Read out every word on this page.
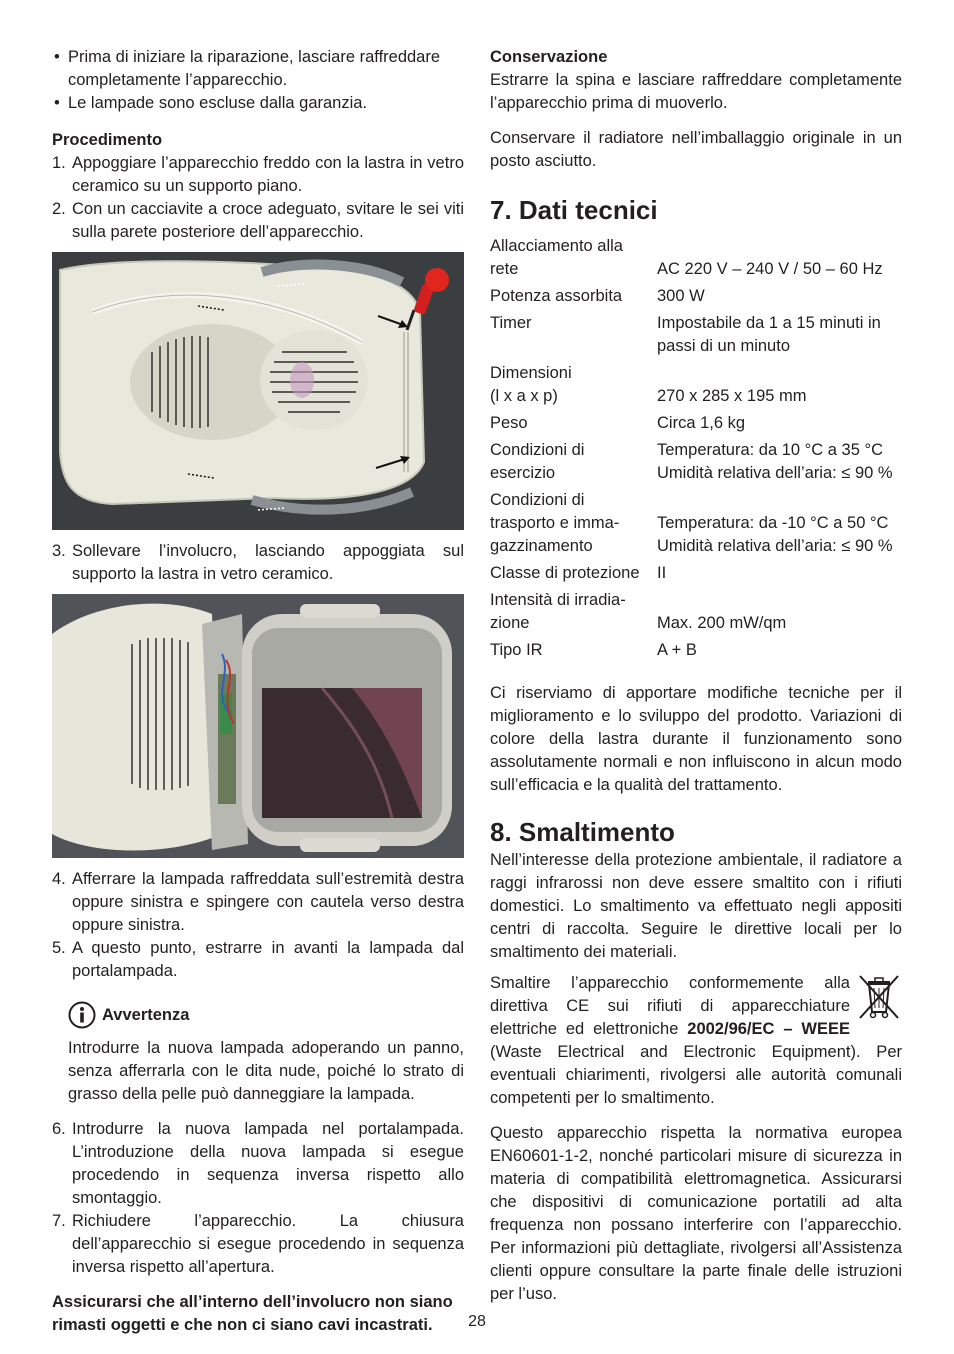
• Prima di iniziare la riparazione, lasciare raffreddare completamente l’apparecchio.
• Le lampade sono escluse dalla garanzia.
Procedimento
1. Appoggiare l’apparecchio freddo con la lastra in vetro ceramico su un supporto piano.
2. Con un cacciavite a croce adeguato, svitare le sei viti sulla parete posteriore dell’apparecchio.
3. Sollevare l’involucro, lasciando appoggiata sul supporto la lastra in vetro ceramico.
4. Afferrare la lampada raffreddata sull’estremità destra oppure sinistra e spingere con cautela verso destra oppure sinistra.
5. A questo punto, estrarre in avanti la lampada dal portalampada.
Avvertenza

Introdurre la nuova lampada adoperando un panno, senza afferrarla con le dita nude, poiché lo strato di grasso della pelle può danneggiare la lampada.

6. Introdurre la nuova lampada nel portalampada. L’introduzione della nuova lampada si esegue procedendo in sequenza inversa rispetto allo smontaggio.
7. Richiudere l’apparecchio. La chiusura dell’apparecchio si esegue procedendo in sequenza inversa rispetto all’apertura.

Assicurarsi che all’interno dell’involucro non siano rimasti oggetti e che non ci siano cavi incastrati.

Conservazione

Estrarre la spina e lasciare raffreddare completamente l’apparecchio prima di muoverlo.

Conservare il radiatore nell’imballaggio originale in un posto asciutto.

7. Dati tecnici
Allacciamento alla	
rete	AC 220 V – 240 V / 50 – 60 Hz
Potenza assorbita	300 W
Timer	Impostabile da 1 a 15 minuti in
	passi di un minuto
Dimensioni	
(l x a x p)	270 x 285 x 195 mm
Peso	Circa 1,6 kg
Condizioni di	Temperatura: da 10 °C a 35 °C
esercizio	Umidità relativa dell’aria: ≤ 90 %
Condizioni di	
trasporto e imma-	Temperatura: da -10 °C a 50 °C
gazzinamento	Umidità relativa dell’aria: ≤ 90 %
Classe di protezione	II
Intensità di irradia-	
zione	Max. 200 mW/qm
Tipo IR	A + B

Ci riserviamo di apportare modifiche tecniche per il miglioramento e lo sviluppo del prodotto. Variazioni di colore della lastra durante il funzionamento sono assolutamente normali e non influiscono in alcun modo sull’efficacia e la qualità del trattamento.

8. Smaltimento

Nell’interesse della protezione ambientale, il radiatore a raggi infrarossi non deve essere smaltito con i rifiuti domestici. Lo smaltimento va effettuato negli appositi centri di raccolta. Seguire le direttive locali per lo smaltimento dei materiali.

Smaltire l’apparecchio conformemente alla direttiva CE sui rifiuti di apparecchiature elettriche ed elettroniche 2002/96/EC – WEEE (Waste Electrical and Electronic Equipment). Per eventuali chiarimenti, rivolgersi alle autorità comunali competenti per lo smaltimento.

Questo apparecchio rispetta la normativa europea EN60601-1-2, nonché particolari misure di sicurezza in materia di compatibilità elettromagnetica. Assicurarsi che dispositivi di comunicazione portatili ad alta frequenza non possano interferire con l’apparecchio. Per informazioni più dettagliate, rivolgersi all’Assistenza clienti oppure consultare la parte finale delle istruzioni per l’uso.

28
